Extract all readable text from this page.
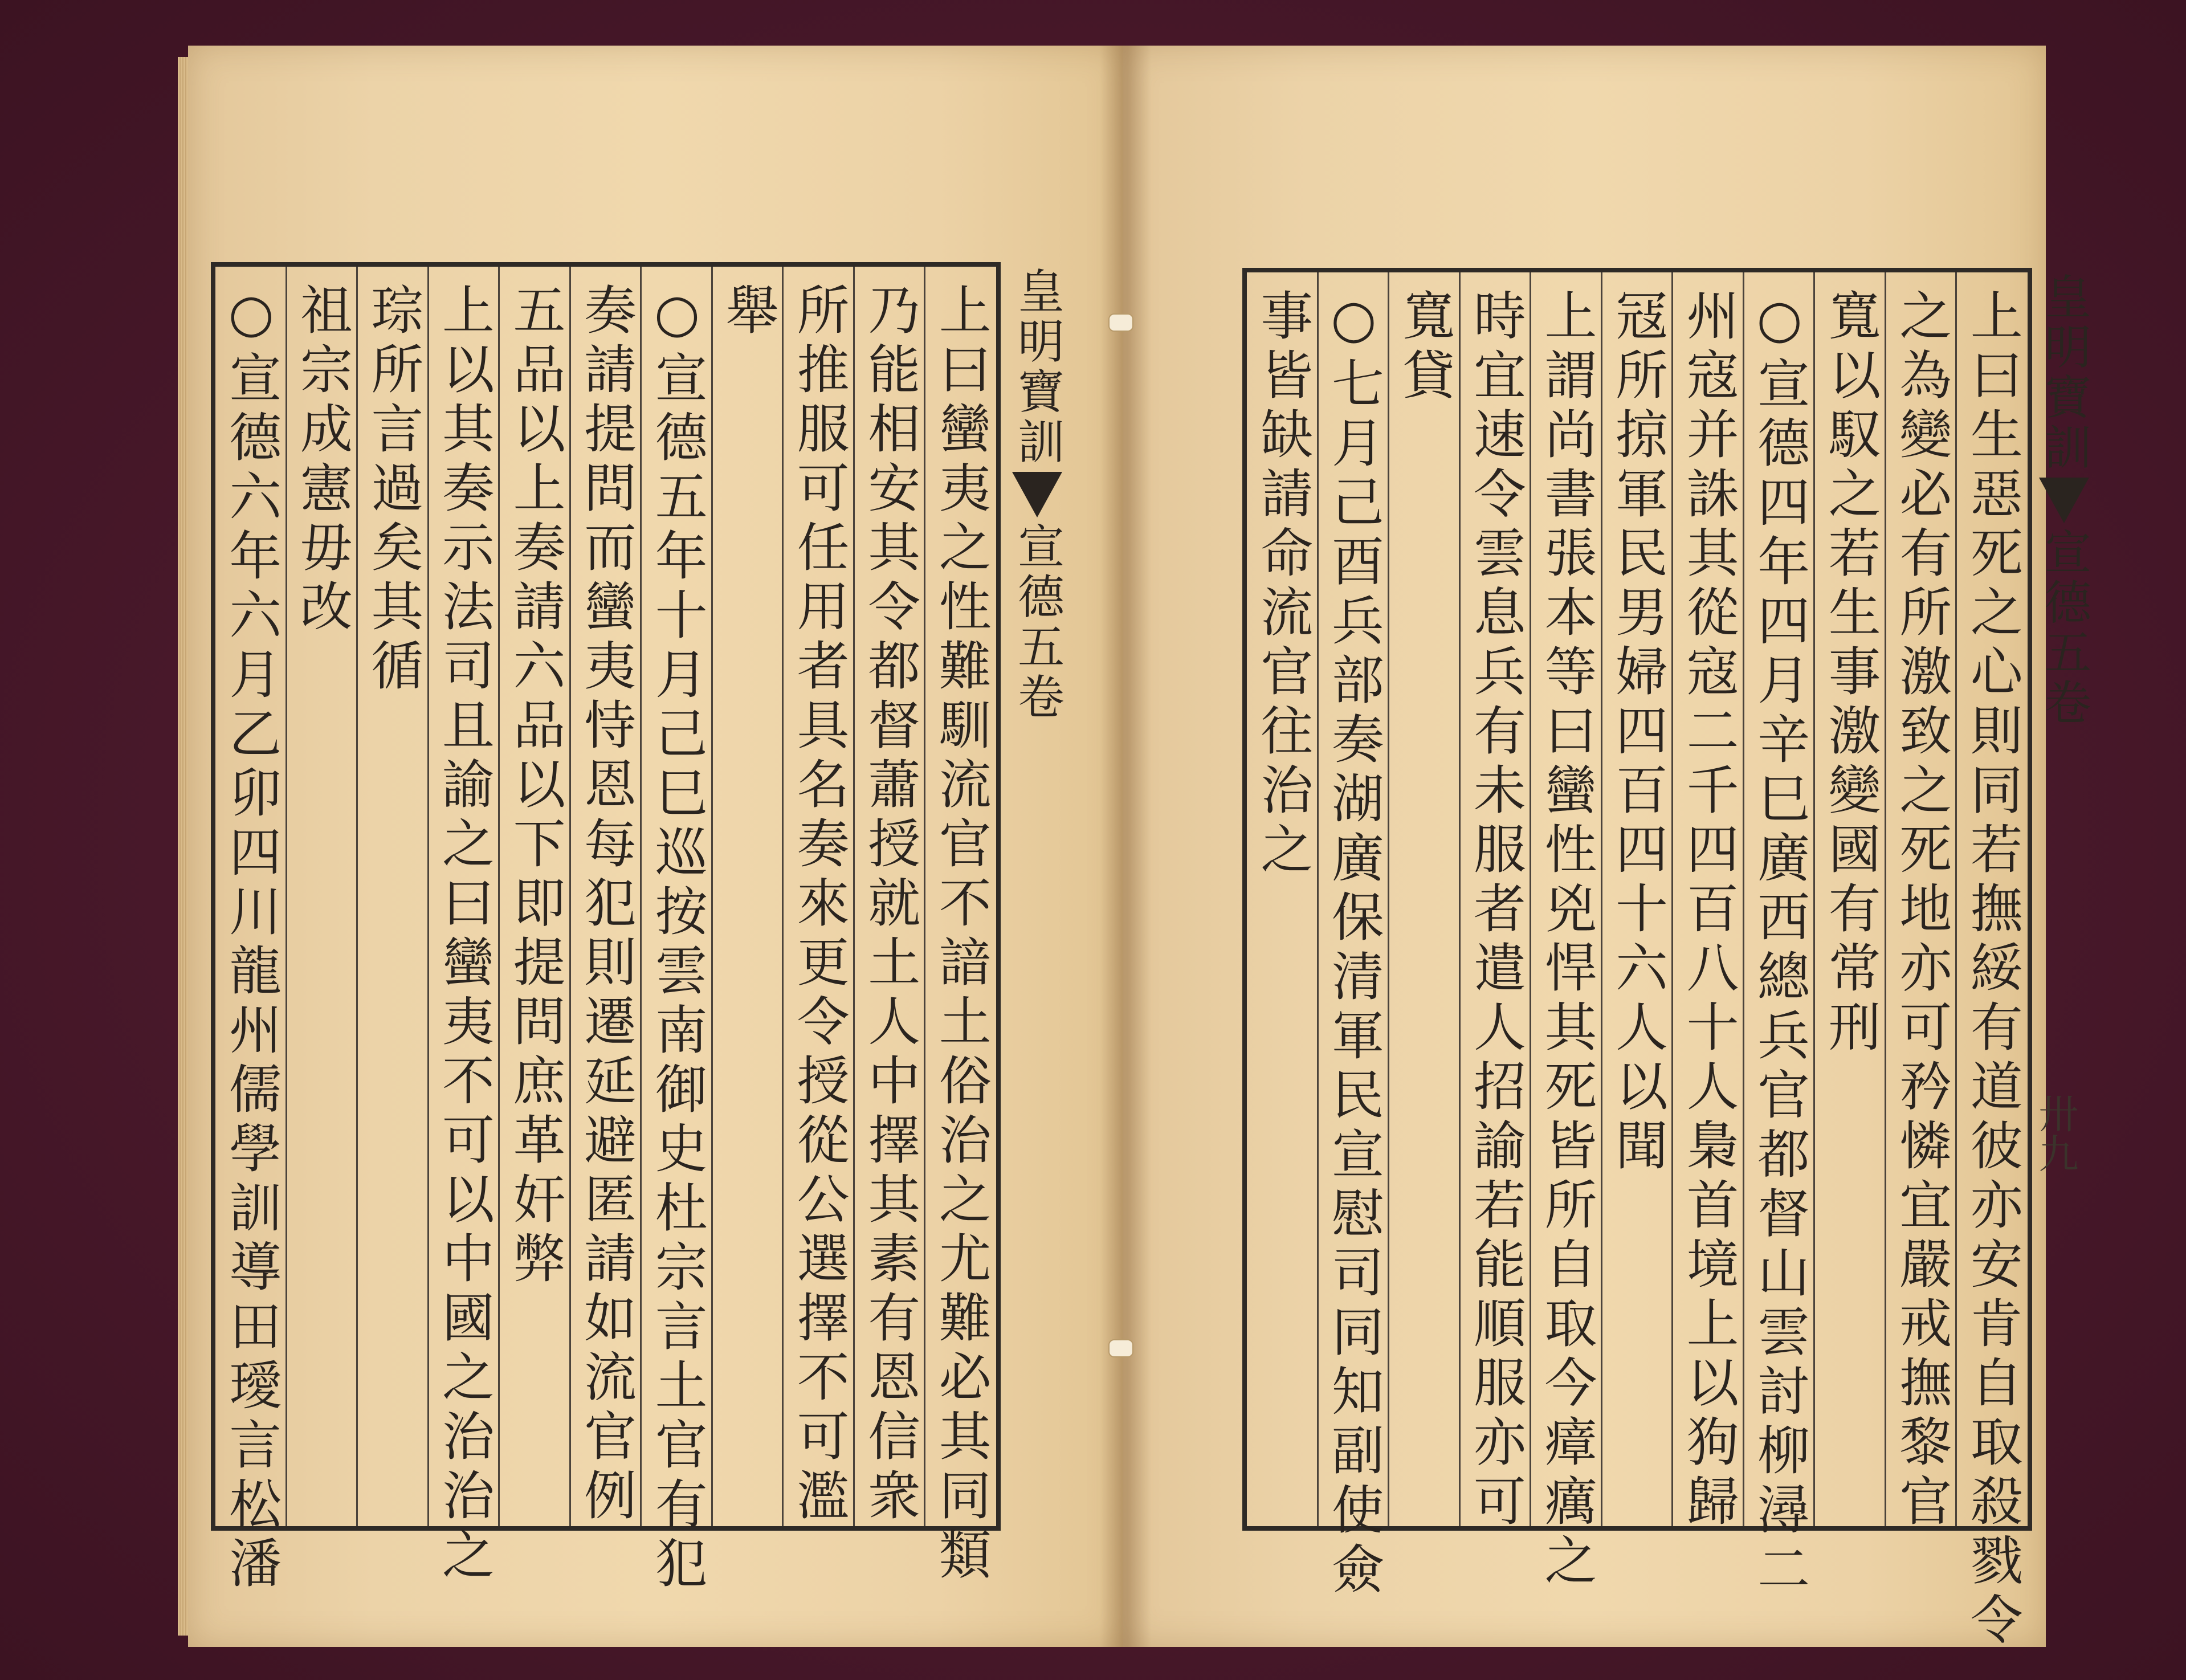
皇明寶訓
宣德五卷
上曰蠻夷之性難馴流官不諳土俗治之尤難必其同類
乃能相安其令都督蕭授就土人中擇其素有恩信衆
所推服可任用者具名奏來更令授從公選擇不可濫
舉
○宣德五年十月己巳巡按雲南御史杜宗言土官有犯
奏請提問而蠻夷恃恩每犯則遷延避匿請如流官例
五品以上奏請六品以下即提問庶革奸弊
上以其奏示法司且諭之曰蠻夷不可以中國之治治之
琮所言過矣其循
祖宗成憲毋改
○宣德六年六月乙卯四川龍州儒學訓導田璦言松潘	皇明寶訓
宣德五卷
卅九
上曰生惡死之心則同若撫綏有道彼亦安肯自取殺戮令
之為變必有所激致之死地亦可矜憐宜嚴戒撫黎官
寬以馭之若生事激變國有常刑
○宣德四年四月辛巳廣西總兵官都督山雲討柳潯二
州寇并誅其從寇二千四百八十人梟首境上以狗歸
冦所掠軍民男婦四百四十六人以聞
上謂尚書張本等曰蠻性兇悍其死皆所自取今瘴癘之
時宜速令雲息兵有未服者遣人招諭若能順服亦可
寬貸
○七月己酉兵部奏湖廣保清軍民宣慰司同知副使僉
事皆缺請命流官往治之
